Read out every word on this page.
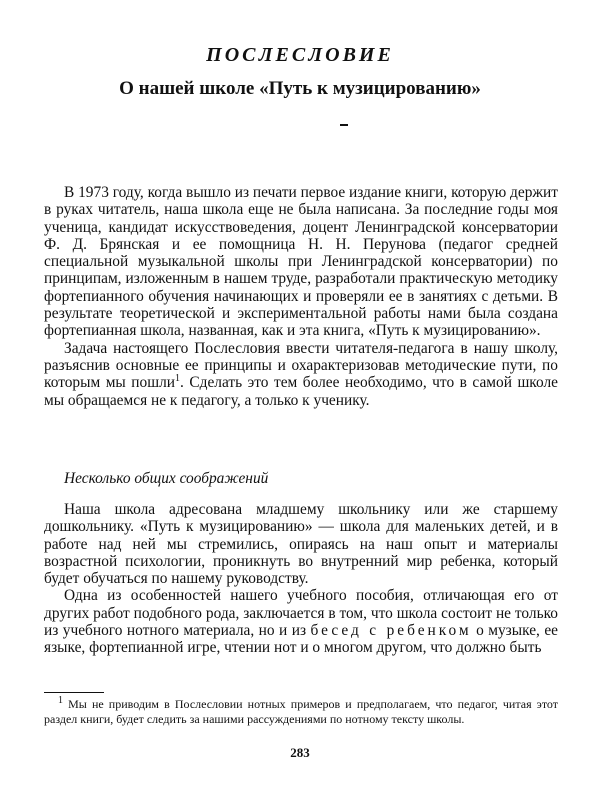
ПОСЛЕСЛОВИЕ
О нашей школе «Путь к музицированию»

В 1973 году, когда вышло из печати первое издание книги, которую держит в руках читатель, наша школа еще не была написана. За последние годы моя ученица, кандидат искусствоведения, доцент Ленинградской консерватории Ф. Д. Брянская и ее помощница Н. Н. Перунова (педагог средней специальной музыкальной школы при Ленинградской консерватории) по принципам, изложенным в нашем труде, разработали практическую методику фортепианного обучения начинающих и проверяли ее в занятиях с детьми. В результате теоретической и экспериментальной работы нами была создана фортепианная школа, названная, как и эта книга, «Путь к музицированию».

Задача настоящего Послесловия ввести читателя-педагога в нашу школу, разъяснив основные ее принципы и охарактеризовав методические пути, по которым мы пошли$^1$. Сделать это тем более необходимо, что в самой школе мы обращаемся не к педагогу, а только к ученику.

Несколько общих соображений

Наша школа адресована младшему школьнику или же старшему дошкольнику. «Путь к музицированию» — школа для маленьких детей, и в работе над ней мы стремились, опираясь на наш опыт и материалы возрастной психологии, проникнуть во внутренний мир ребенка, который будет обучаться по нашему руководству.

Одна из особенностей нашего учебного пособия, отличающая его от других работ подобного рода, заключается в том, что школа состоит не только из учебного нотного материала, но и из бесед с ребенком о музыке, ее языке, фортепианной игре, чтении нот и о многом другом, что должно быть

$^1$ Мы не приводим в Послесловии нотных примеров и предполагаем, что педагог, читая этот раздел книги, будет следить за нашими рассуждениями по нотному тексту школы.

283
